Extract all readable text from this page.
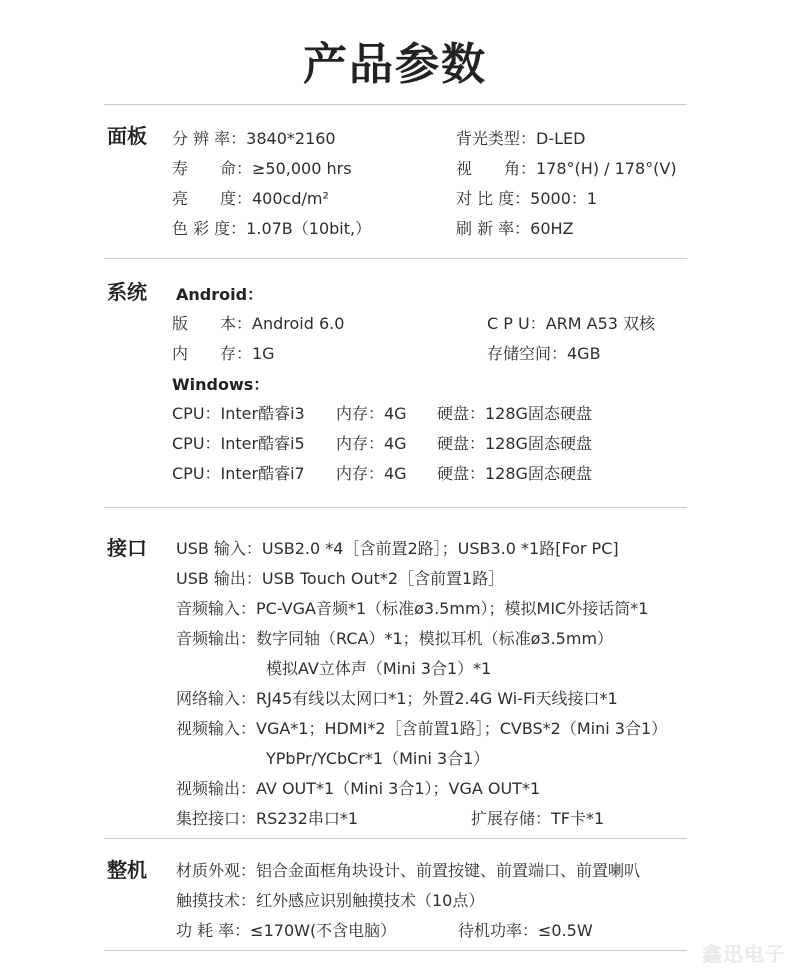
产品参数
面板 分 辨 率：3840*2160	背光类型：D-LED
寿　　命：≥50,000 hrs	视　　角：178°(H) / 178°(V)
亮　　度：400cd/m²	对 比 度：5000：1
色 彩 度：1.07B（10bit,）	刷 新 率：60HZ
系统 Android：
版　　本：Android 6.0	C P U：ARM A53 双核
内　　存：1G	存储空间：4GB
Windows：
CPU：Inter酷睿i3 内存：4G 硬盘：128G固态硬盘
CPU：Inter酷睿i5 内存：4G 硬盘：128G固态硬盘
CPU：Inter酷睿i7 内存：4G 硬盘：128G固态硬盘
接口 USB 输入：USB2.0 *4［含前置2路］；USB3.0 *1路[For PC]
USB 输出：USB Touch Out*2［含前置1路］
音频输入：PC-VGA音频*1（标准ø3.5mm）；模拟MIC外接话筒*1
音频输出：数字同轴（RCA）*1；模拟耳机（标准ø3.5mm）
模拟AV立体声（Mini 3合1）*1
网络输入：RJ45有线以太网口*1；外置2.4G Wi-Fi天线接口*1
视频输入：VGA*1；HDMI*2［含前置1路］；CVBS*2（Mini 3合1）
YPbPr/YCbCr*1（Mini 3合1）
视频输出：AV OUT*1（Mini 3合1）；VGA OUT*1
集控接口：RS232串口*1	扩展存储：TF卡*1
整机 材质外观：铝合金面框角块设计、前置按键、前置端口、前置喇叭
触摸技术：红外感应识别触摸技术（10点）
功 耗 率：≤170W(不含电脑）	待机功率：≤0.5W
鑫迅电子
